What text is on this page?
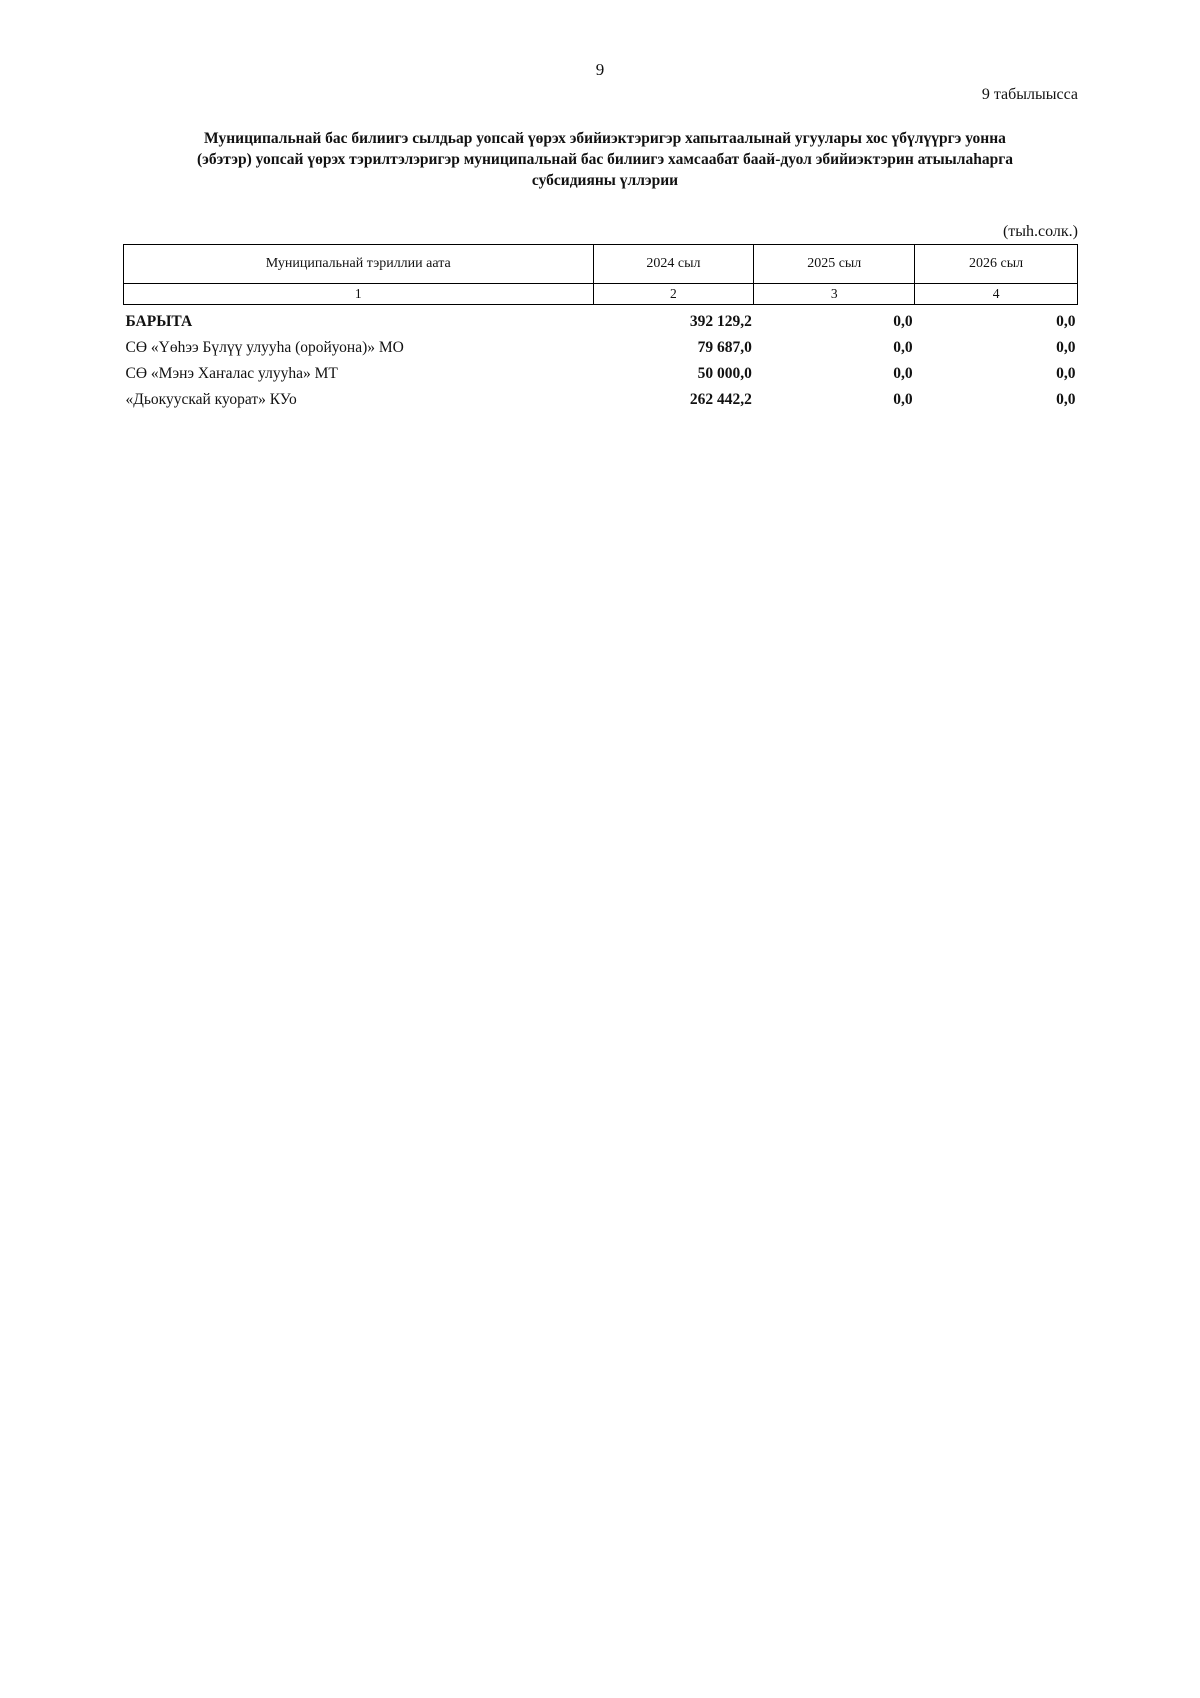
9
9 табылыысса
Муниципальнай бас билиигэ сылдьар уопсай үөрэх эбийиэктэригэр хапытаалынай угуулары хос үбүлүүргэ уонна
(эбэтэр) уопсай үөрэх тэрилтэлэригэр муниципальнай бас билиигэ хамсаабат баай-дуол эбийиэктэрин атыылаһарга
субсидияны үллэрии
(тыһ.солк.)
Муниципальнай тэриллии аата	2024 сыл	2025 сыл	2026 сыл
1	2	3	4
БАРЫТА	392 129,2	0,0	0,0
СӨ «Үөһээ Бүлүү улууһа (оройуона)» МО	79 687,0	0,0	0,0
СӨ «Мэнэ Хаҥалас улууһа» МТ	50 000,0	0,0	0,0
«Дьокуускай куорат» КУо	262 442,2	0,0	0,0
